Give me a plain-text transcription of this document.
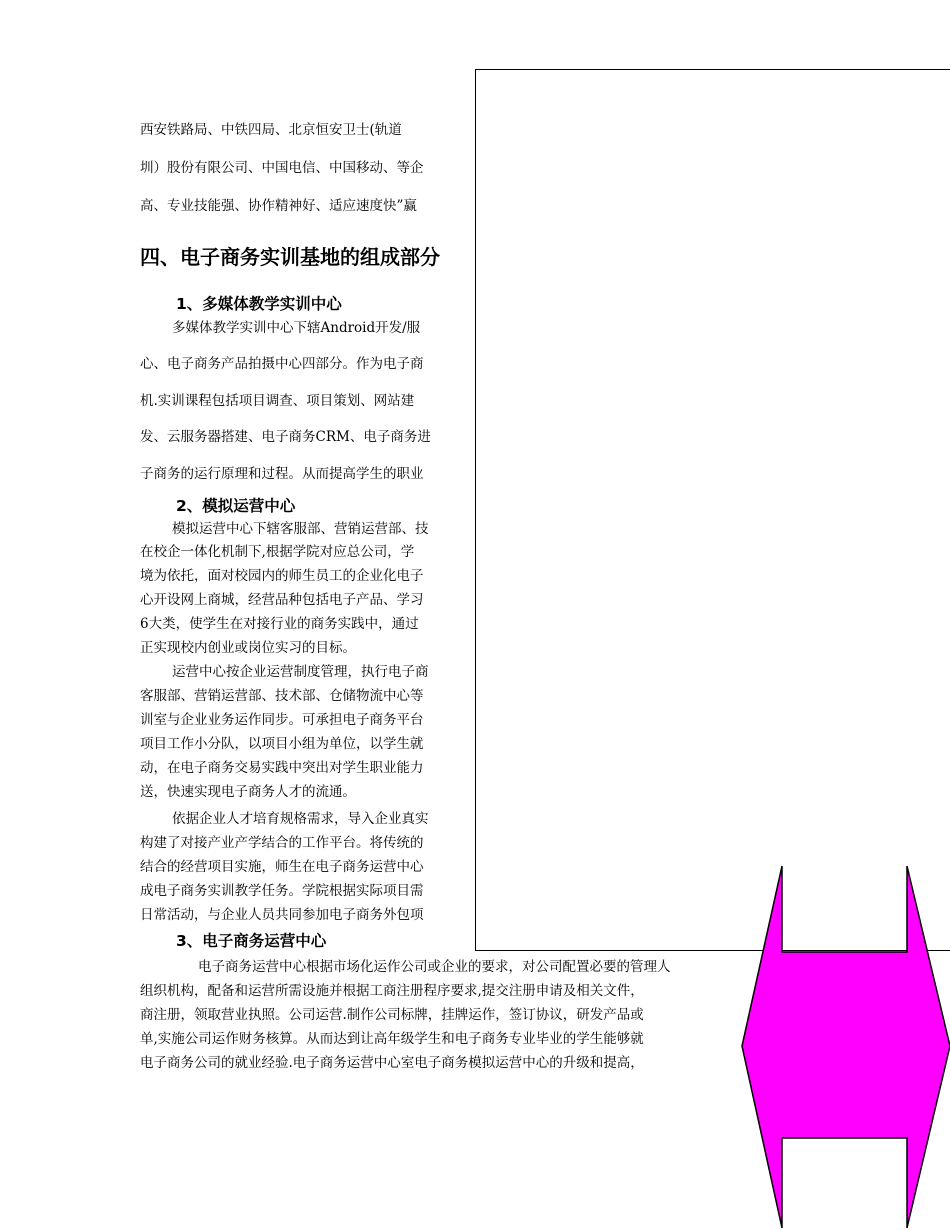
西安铁路局、中铁四局、北京恒安卫士(轨道
圳）股份有限公司、中国电信、中国移动、等企
高、专业技能强、协作精神好、适应速度快”赢
四、电子商务实训基地的组成部分
1、多媒体教学实训中心
多媒体教学实训中心下辖Android开发/服
心、电子商务产品拍摄中心四部分。作为电子商
机.实训课程包括项目调查、项目策划、网站建
发、云服务器搭建、电子商务CRM、电子商务进
子商务的运行原理和过程。从而提高学生的职业
2、模拟运营中心
模拟运营中心下辖客服部、营销运营部、技
在校企一体化机制下,根据学院对应总公司，学
境为依托，面对校园内的师生员工的企业化电子
心开设网上商城，经营品种包括电子产品、学习
6大类，使学生在对接行业的商务实践中，通过
正实现校内创业或岗位实习的目标。
运营中心按企业运营制度管理，执行电子商
客服部、营销运营部、技术部、仓储物流中心等
训室与企业业务运作同步。可承担电子商务平台
项目工作小分队，以项目小组为单位，以学生就
动，在电子商务交易实践中突出对学生职业能力
送，快速实现电子商务人才的流通。
依据企业人才培育规格需求，导入企业真实
构建了对接产业产学结合的工作平台。将传统的
结合的经营项目实施，师生在电子商务运营中心
成电子商务实训教学任务。学院根据实际项目需
日常活动，与企业人员共同参加电子商务外包项
3、电子商务运营中心
电子商务运营中心根据市场化运作公司或企业的要求，对公司配置必要的管理人
组织机构，配备和运营所需设施并根据工商注册程序要求,提交注册申请及相关文件，
商注册，领取营业执照。公司运营.制作公司标牌，挂牌运作，签订协议，研发产品或
单,实施公司运作财务核算。从而达到让高年级学生和电子商务专业毕业的学生能够就
电子商务公司的就业经验.电子商务运营中心室电子商务模拟运营中心的升级和提高，
